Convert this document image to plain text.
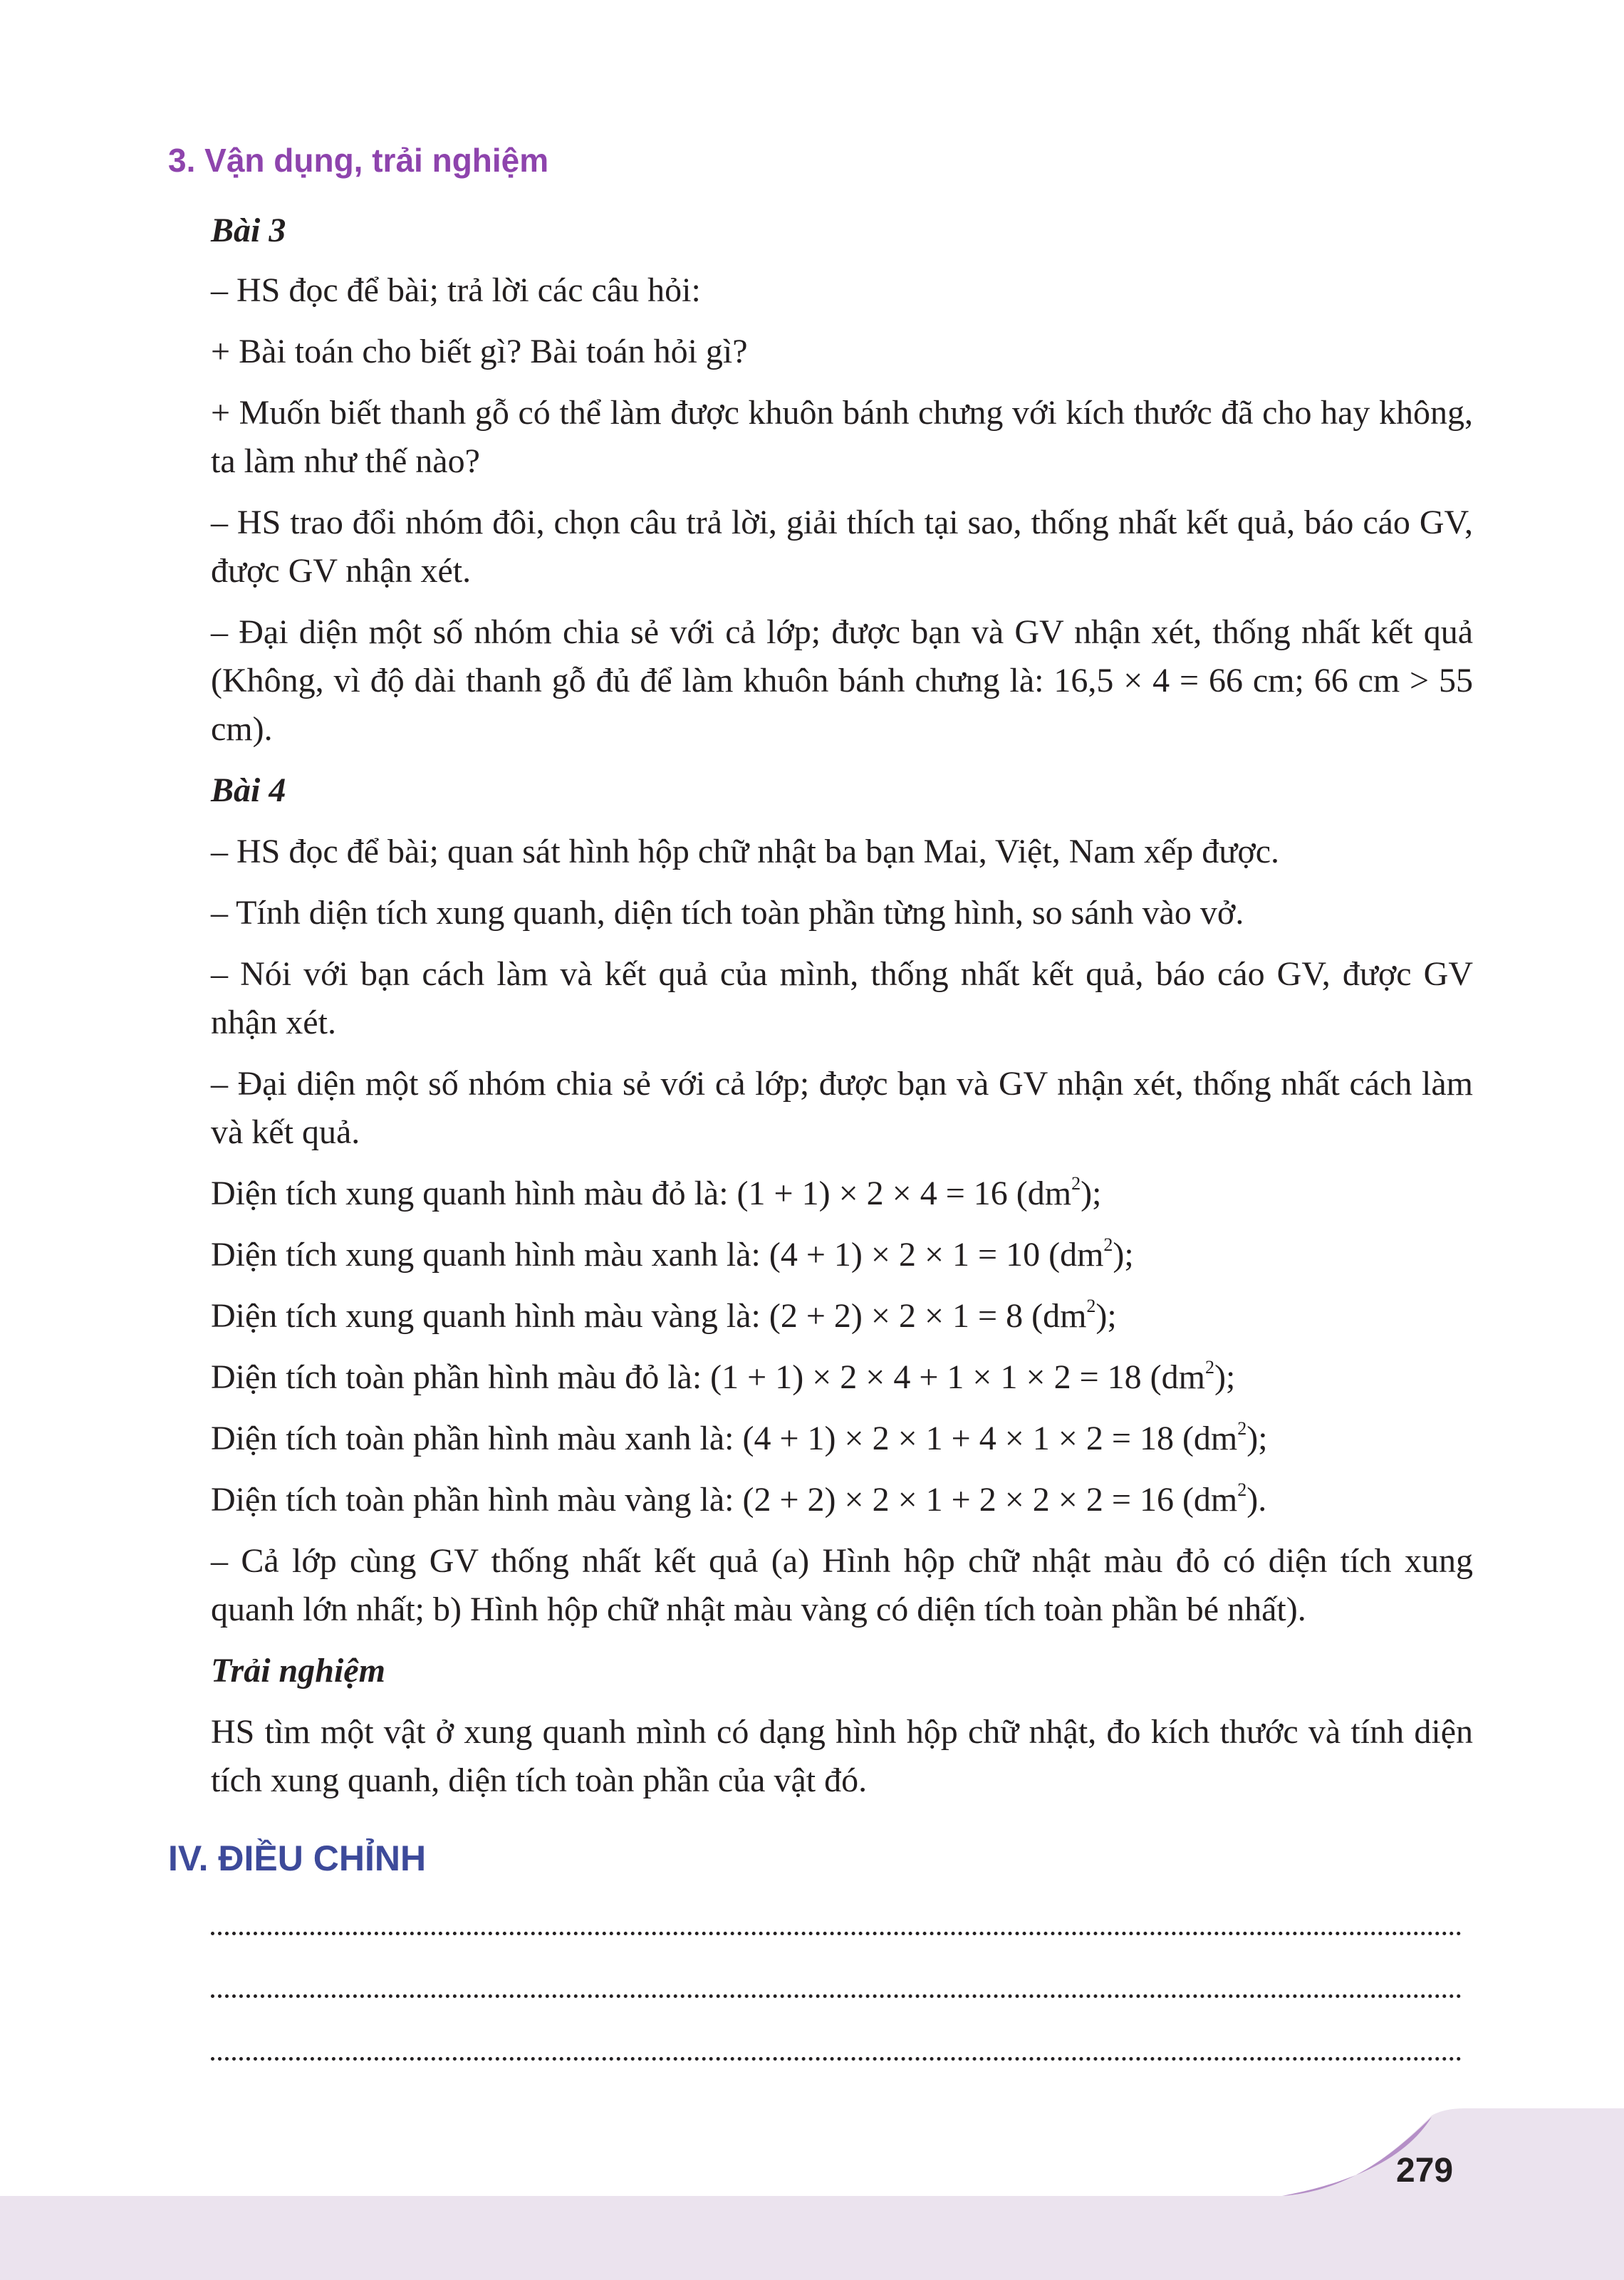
3. Vận dụng, trải nghiệm

Bài 3

– HS đọc để bài; trả lời các câu hỏi:

+ Bài toán cho biết gì? Bài toán hỏi gì?

+ Muốn biết thanh gỗ có thể làm được khuôn bánh chưng với kích thước đã cho hay không, ta làm như thế nào?

– HS trao đổi nhóm đôi, chọn câu trả lời, giải thích tại sao, thống nhất kết quả, báo cáo GV, được GV nhận xét.

– Đại diện một số nhóm chia sẻ với cả lớp; được bạn và GV nhận xét, thống nhất kết quả (Không, vì độ dài thanh gỗ đủ để làm khuôn bánh chưng là: 16,5 × 4 = 66 cm; 66 cm > 55 cm).

Bài 4

– HS đọc để bài; quan sát hình hộp chữ nhật ba bạn Mai, Việt, Nam xếp được.

– Tính diện tích xung quanh, diện tích toàn phần từng hình, so sánh vào vở.

– Nói với bạn cách làm và kết quả của mình, thống nhất kết quả, báo cáo GV, được GV nhận xét.

– Đại diện một số nhóm chia sẻ với cả lớp; được bạn và GV nhận xét, thống nhất cách làm và kết quả.

Diện tích xung quanh hình màu đỏ là: (1 + 1) × 2 × 4 = 16 $(dm^2)$;

Diện tích xung quanh hình màu xanh là: (4 + 1) × 2 × 1 = 10 $(dm^2)$;

Diện tích xung quanh hình màu vàng là: (2 + 2) × 2 × 1 = 8 $(dm^2)$;

Diện tích toàn phần hình màu đỏ là: (1 + 1) × 2 × 4 + 1 × 1 × 2 = 18 $(dm^2)$;

Diện tích toàn phần hình màu xanh là: (4 + 1) × 2 × 1 + 4 × 1 × 2 = 18 $(dm^2)$;

Diện tích toàn phần hình màu vàng là: (2 + 2) × 2 × 1 + 2 × 2 × 2 = 16 $(dm^2)$.

– Cả lớp cùng GV thống nhất kết quả (a) Hình hộp chữ nhật màu đỏ có diện tích xung quanh lớn nhất; b) Hình hộp chữ nhật màu vàng có diện tích toàn phần bé nhất).

Trải nghiệm

HS tìm một vật ở xung quanh mình có dạng hình hộp chữ nhật, đo kích thước và tính diện tích xung quanh, diện tích toàn phần của vật đó.

IV. ĐIỀU CHỈNH
279
